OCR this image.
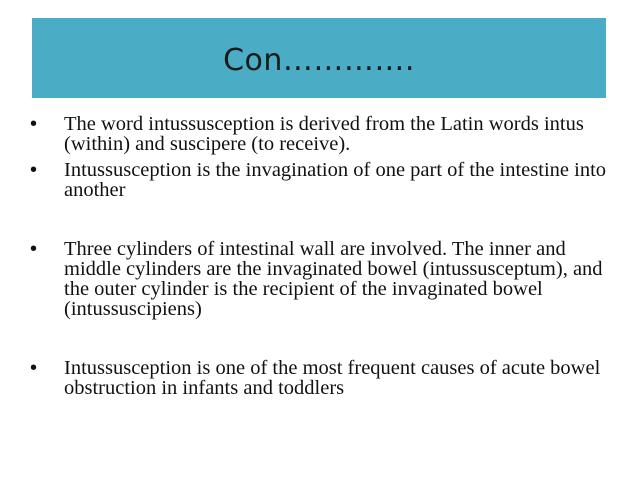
Con………….
• The word intussusception is derived from the Latin words intus (within) and suscipere (to receive).
• Intussusception is the invagination of one part of the intestine into another
• Three cylinders of intestinal wall are involved. The inner and middle cylinders are the invaginated bowel (intussusceptum), and the outer cylinder is the recipient of the invaginated bowel (intussuscipiens)
• Intussusception is one of the most frequent causes of acute bowel obstruction in infants and toddlers
